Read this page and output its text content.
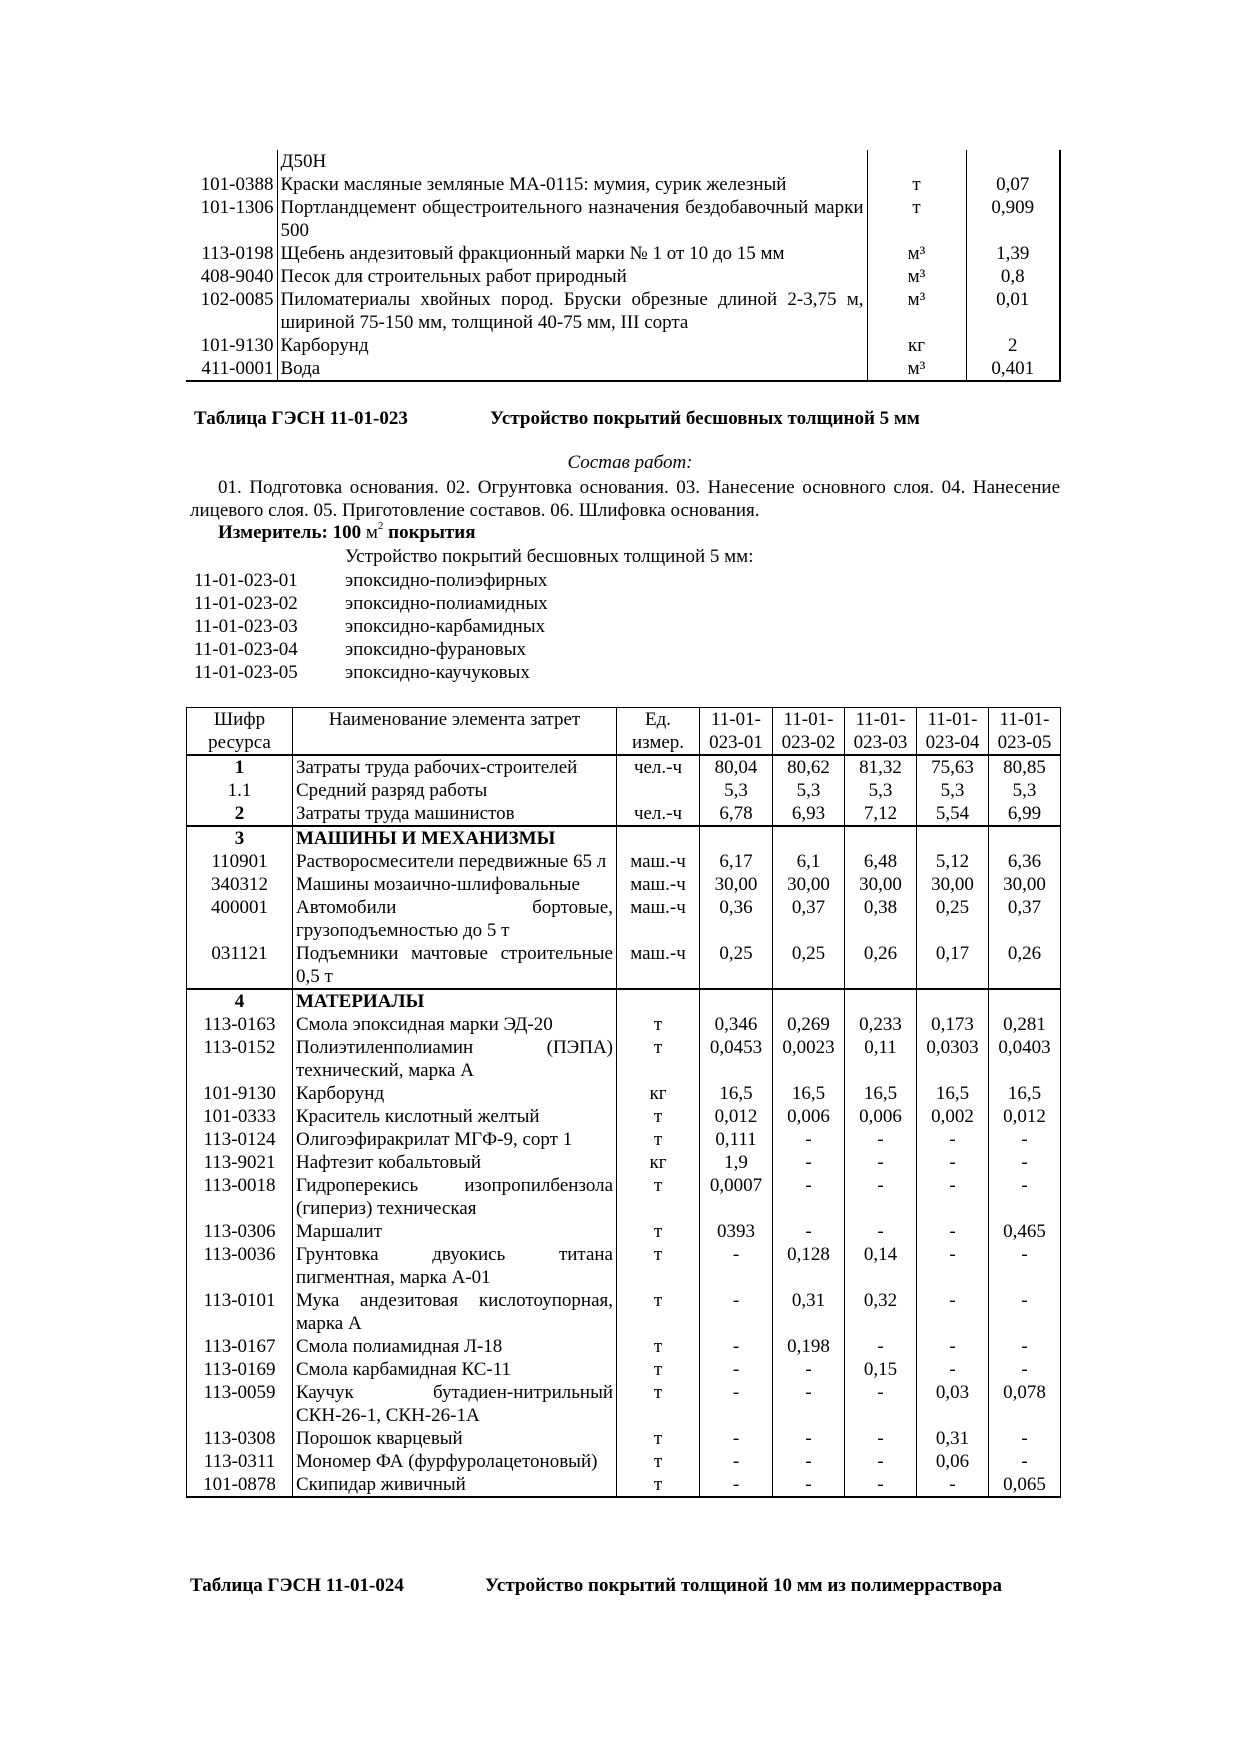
	Д50Н		
101-0388	Краски масляные земляные МА-0115: мумия, сурик железный	т	0,07
101-1306	Портландцемент общестроительного назначения бездобавочный марки 500	т	0,909
113-0198	Щебень андезитовый фракционный марки № 1 от 10 до 15 мм	м³	1,39
408-9040	Песок для строительных работ природный	м³	0,8
102-0085	Пиломатериалы хвойных пород. Бруски обрезные длиной 2-3,75 м, шириной 75-150 мм, толщиной 40-75 мм, III сорта	м³	0,01
101-9130	Карборунд	кг	2
411-0001	Вода	м³	0,401
Таблица ГЭСН 11-01-023	Устройство покрытий бесшовных толщиной 5 мм
Состав работ:
01. Подготовка основания. 02. Огрунтовка основания. 03. Нанесение основного слоя. 04. Нанесение лицевого слоя. 05. Приготовление составов. 06. Шлифовка основания.
Измеритель: 100 $м^2$ покрытия
Устройство покрытий бесшовных толщиной 5 мм:
11-01-023-01	эпоксидно-полиэфирных
11-01-023-02	эпоксидно-полиамидных
11-01-023-03	эпоксидно-карбамидных
11-01-023-04	эпоксидно-фурановых
11-01-023-05	эпоксидно-каучуковых
Шифр ресурса	Наименование элемента затрет	Ед. измер.	11-01-023-01	11-01-023-02	11-01-023-03	11-01-023-04	11-01-023-05
1	Затраты труда рабочих-строителей	чел.-ч	80,04	80,62	81,32	75,63	80,85
1.1	Средний разряд работы		5,3	5,3	5,3	5,3	5,3
2	Затраты труда машинистов	чел.-ч	6,78	6,93	7,12	5,54	6,99
3	МАШИНЫ И МЕХАНИЗМЫ						
110901	Растворосмесители передвижные 65 л	маш.-ч	6,17	6,1	6,48	5,12	6,36
340312	Машины мозаично-шлифовальные	маш.-ч	30,00	30,00	30,00	30,00	30,00
400001	Автомобили бортовые, грузоподъемностью до 5 т	маш.-ч	0,36	0,37	0,38	0,25	0,37
031121	Подъемники мачтовые строительные 0,5 т	маш.-ч	0,25	0,25	0,26	0,17	0,26
4	МАТЕРИАЛЫ						
113-0163	Смола эпоксидная марки ЭД-20	т	0,346	0,269	0,233	0,173	0,281
113-0152	Полиэтиленполиамин (ПЭПА) технический, марка А	т	0,0453	0,0023	0,11	0,0303	0,0403
101-9130	Карборунд	кг	16,5	16,5	16,5	16,5	16,5
101-0333	Краситель кислотный желтый	т	0,012	0,006	0,006	0,002	0,012
113-0124	Олигоэфиракрилат МГФ-9, сорт 1	т	0,111	-	-	-	-
113-9021	Нафтезит кобальтовый	кг	1,9	-	-	-	-
113-0018	Гидроперекись изопропилбензола (гипериз) техническая	т	0,0007	-	-	-	-
113-0306	Маршалит	т	0393	-	-	-	0,465
113-0036	Грунтовка двуокись титана пигментная, марка А-01	т	-	0,128	0,14	-	-
113-0101	Мука андезитовая кислотоупорная, марка А	т	-	0,31	0,32	-	-
113-0167	Смола полиамидная Л-18	т	-	0,198	-	-	-
113-0169	Смола карбамидная КС-11	т	-	-	0,15	-	-
113-0059	Каучук бутадиен-нитрильный СКН-26-1, СКН-26-1А	т	-	-	-	0,03	0,078
113-0308	Порошок кварцевый	т	-	-	-	0,31	-
113-0311	Мономер ФА (фурфуролацетоновый)	т	-	-	-	0,06	-
101-0878	Скипидар живичный	т	-	-	-	-	0,065
Таблица ГЭСН 11-01-024	Устройство покрытий толщиной 10 мм из полимерраствора
